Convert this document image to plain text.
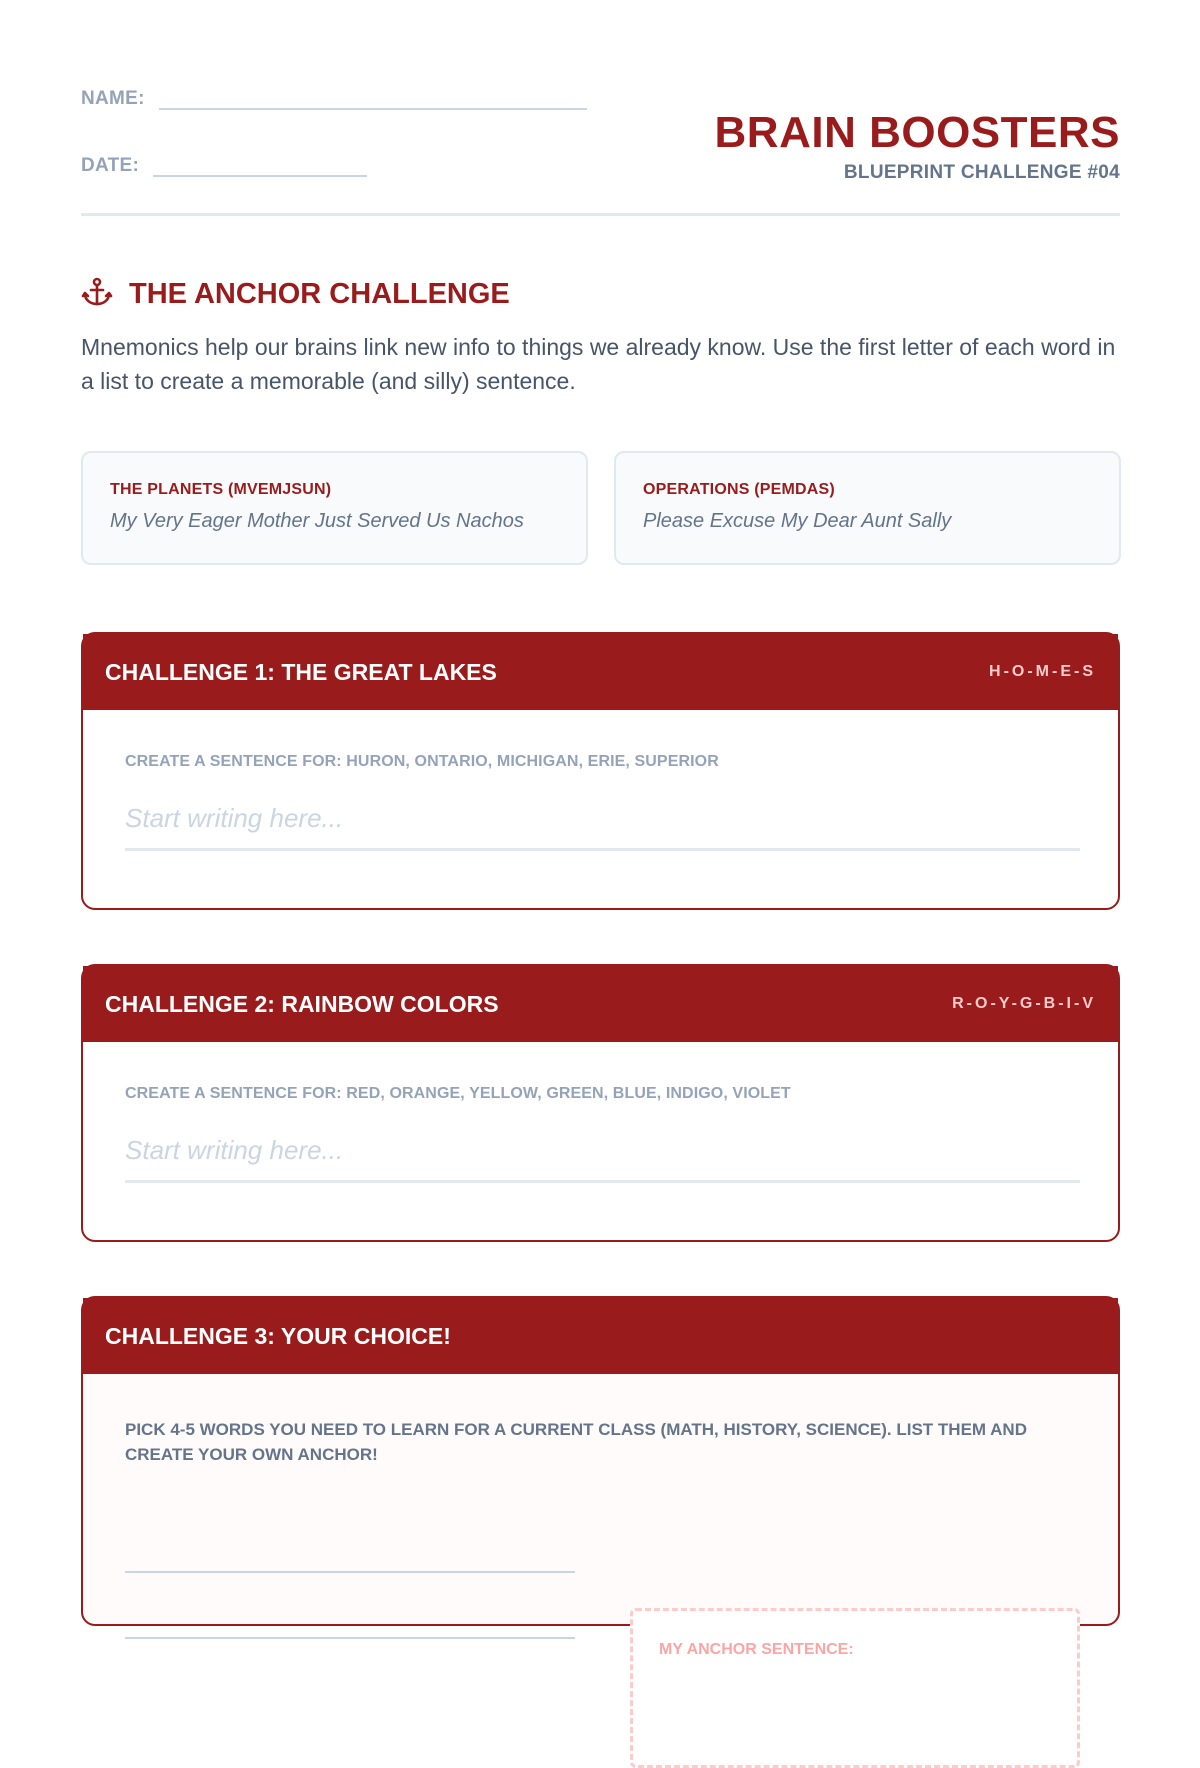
NAME:
DATE:
BRAIN BOOSTERS
BLUEPRINT CHALLENGE #04
THE ANCHOR CHALLENGE

Mnemonics help our brains link new info to things we already know. Use the first letter of each word in a list to create a memorable (and silly) sentence.

THE PLANETS (MVEMJSUN)
My Very Eager Mother Just Served Us Nachos
OPERATIONS (PEMDAS)
Please Excuse My Dear Aunt Sally
CHALLENGE 1: THE GREAT LAKES	H-O-M-E-S
CREATE A SENTENCE FOR: HURON, ONTARIO, MICHIGAN, ERIE, SUPERIOR
Start writing here...
CHALLENGE 2: RAINBOW COLORS	R-O-Y-G-B-I-V
CREATE A SENTENCE FOR: RED, ORANGE, YELLOW, GREEN, BLUE, INDIGO, VIOLET
Start writing here...
CHALLENGE 3: YOUR CHOICE!
PICK 4-5 WORDS YOU NEED TO LEARN FOR A CURRENT CLASS (MATH, HISTORY, SCIENCE). LIST THEM AND CREATE YOUR OWN ANCHOR!
MY ANCHOR SENTENCE:
